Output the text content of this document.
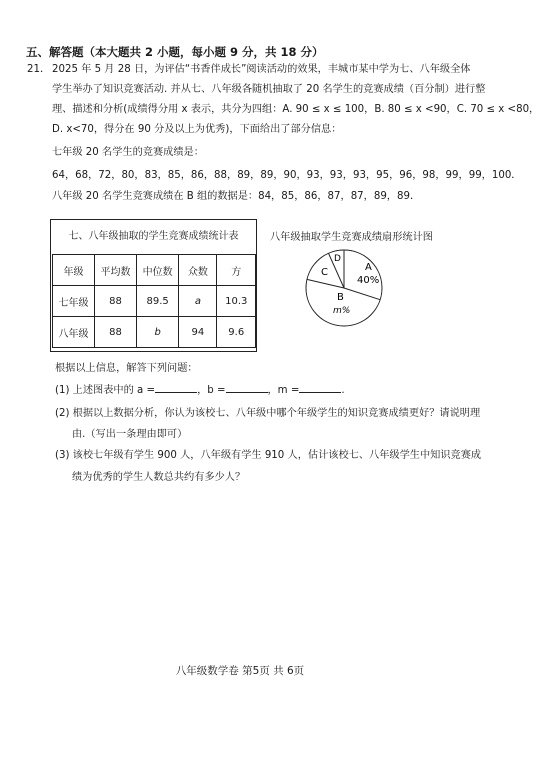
五、解答题（本大题共 2 小题，每小题 9 分，共 18 分）
21． 2025 年 5 月 28 日，为评估“书香伴成长”阅读活动的效果，丰城市某中学为七、八年级全体
学生举办了知识竞赛活动. 并从七、八年级各随机抽取了 20 名学生的竞赛成绩（百分制）进行整
理、描述和分析(成绩得分用 x 表示，共分为四组：A. 90 ≤ x ≤ 100，B. 80 ≤ x <90，C. 70 ≤ x <80，
D. x<70，得分在 90 分及以上为优秀)，下面给出了部分信息：
七年级 20 名学生的竞赛成绩是：
64，68，72，80，83，85，86，88，89，89，90，93，93，93，95，96，98，99，99，100．
八年级 20 名学生竞赛成绩在 B 组的数据是：84，85，86，87，87，89，89．
七、八年级抽取的学生竞赛成绩统计表
年级	平均数	中位数	众数	方
七年级	88	89.5	a	10.3
八年级	88	b	94	9.6
八年级抽取学生竞赛成绩扇形统计图
A
40%
B
m%
C
D
根据以上信息，解答下列问题：
(1) 上述图表中的 a =	，b =	，m =	.
(2) 根据以上数据分析，你认为该校七、八年级中哪个年级学生的知识竞赛成绩更好？请说明理
由.（写出一条理由即可）
(3) 该校七年级有学生 900 人，八年级有学生 910 人，估计该校七、八年级学生中知识竞赛成
绩为优秀的学生人数总共约有多少人？
八年级数学卷 第5页 共 6页
